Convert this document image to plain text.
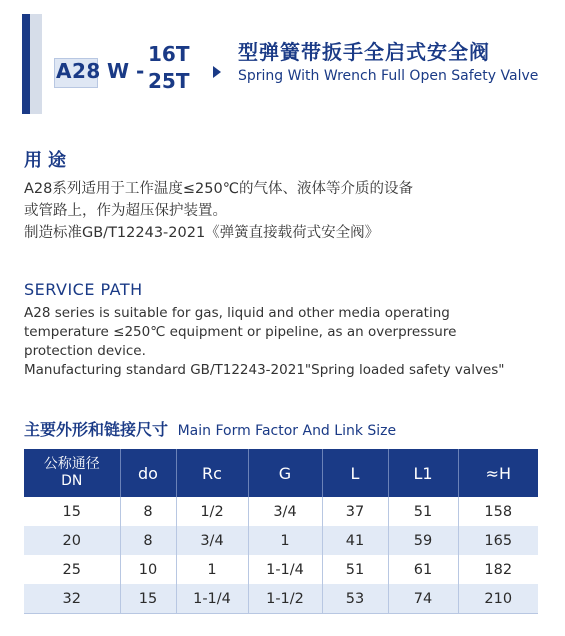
A28 W -
16T
25T
型弹簧带扳手全启式安全阀
Spring With Wrench Full Open Safety Valve
用途
A28系列适用于工作温度≤250℃的气体、液体等介质的设备
或管路上，作为超压保护装置。
制造标准GB/T12243-2021《弹簧直接载荷式安全阀》
SERVICE PATH
A28 series is suitable for gas, liquid and other media operating
temperature ≤250℃ equipment or pipeline, as an overpressure
protection device.
Manufacturing standard GB/T12243-2021"Spring loaded safety valves"
主要外形和链接尺寸 Main Form Factor And Link Size
公称通径
DN	do	Rc	G	L	L1	≈H
15	8	1/2	3/4	37	51	158
20	8	3/4	1	41	59	165
25	10	1	1-1/4	51	61	182
32	15	1-1/4	1-1/2	53	74	210
